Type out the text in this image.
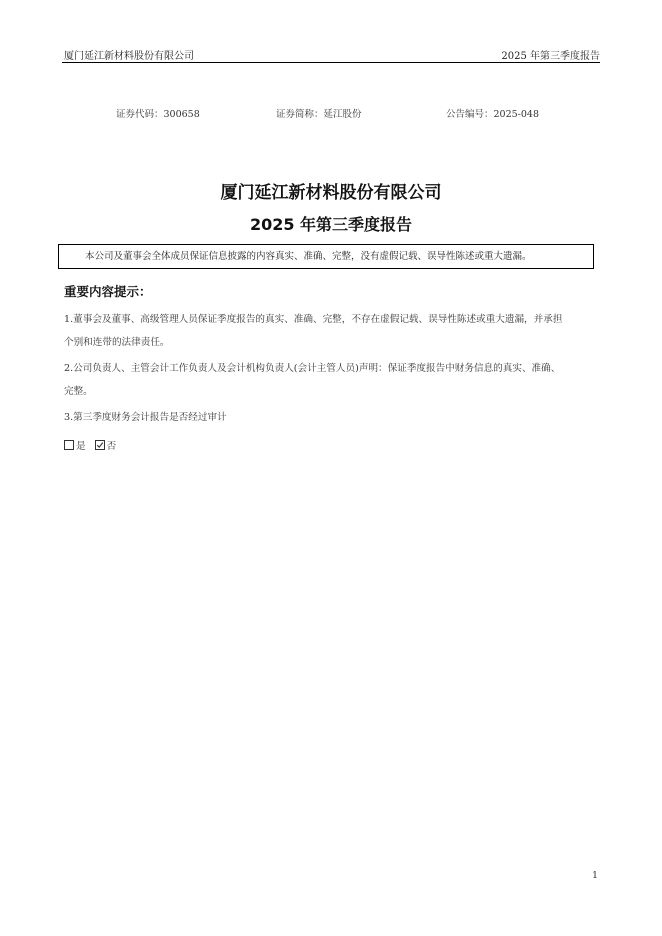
厦门延江新材料股份有限公司	2025 年第三季度报告
证券代码：300658	证券简称：延江股份	公告编号：2025-048
厦门延江新材料股份有限公司
2025 年第三季度报告
本公司及董事会全体成员保证信息披露的内容真实、准确、完整，没有虚假记载、误导性陈述或重大遗漏。
重要内容提示：
1.董事会及董事、高级管理人员保证季度报告的真实、准确、完整，不存在虚假记载、误导性陈述或重大遗漏，并承担
个别和连带的法律责任。
2.公司负责人、主管会计工作负责人及会计机构负责人(会计主管人员)声明：保证季度报告中财务信息的真实、准确、
完整。
3.第三季度财务会计报告是否经过审计
是 否
1
